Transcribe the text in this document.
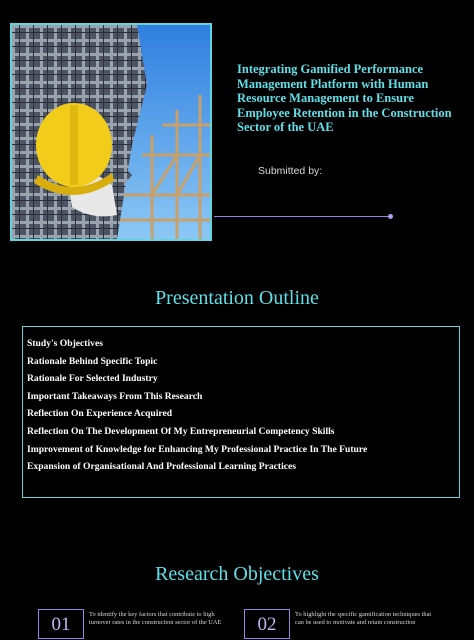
Integrating Gamified Performance Management Platform with Human Resource Management to Ensure Employee Retention in the Construction Sector of the UAE
Submitted by:
Presentation Outline
Study's Objectives
Rationale Behind Specific Topic
Rationale For Selected Industry
Important Takeaways From This Research
Reflection On Experience Acquired
Reflection On The Development Of My Entrepreneurial Competency Skills
Improvement of Knowledge for Enhancing My Professional Practice In The Future
Expansion of Organisational And Professional Learning Practices
Research Objectives
01	To identify the key factors that contribute to high turnover rates in the construction sector of the UAE	02	To highlight the specific gamification techniques that can be used to motivate and retain construction
